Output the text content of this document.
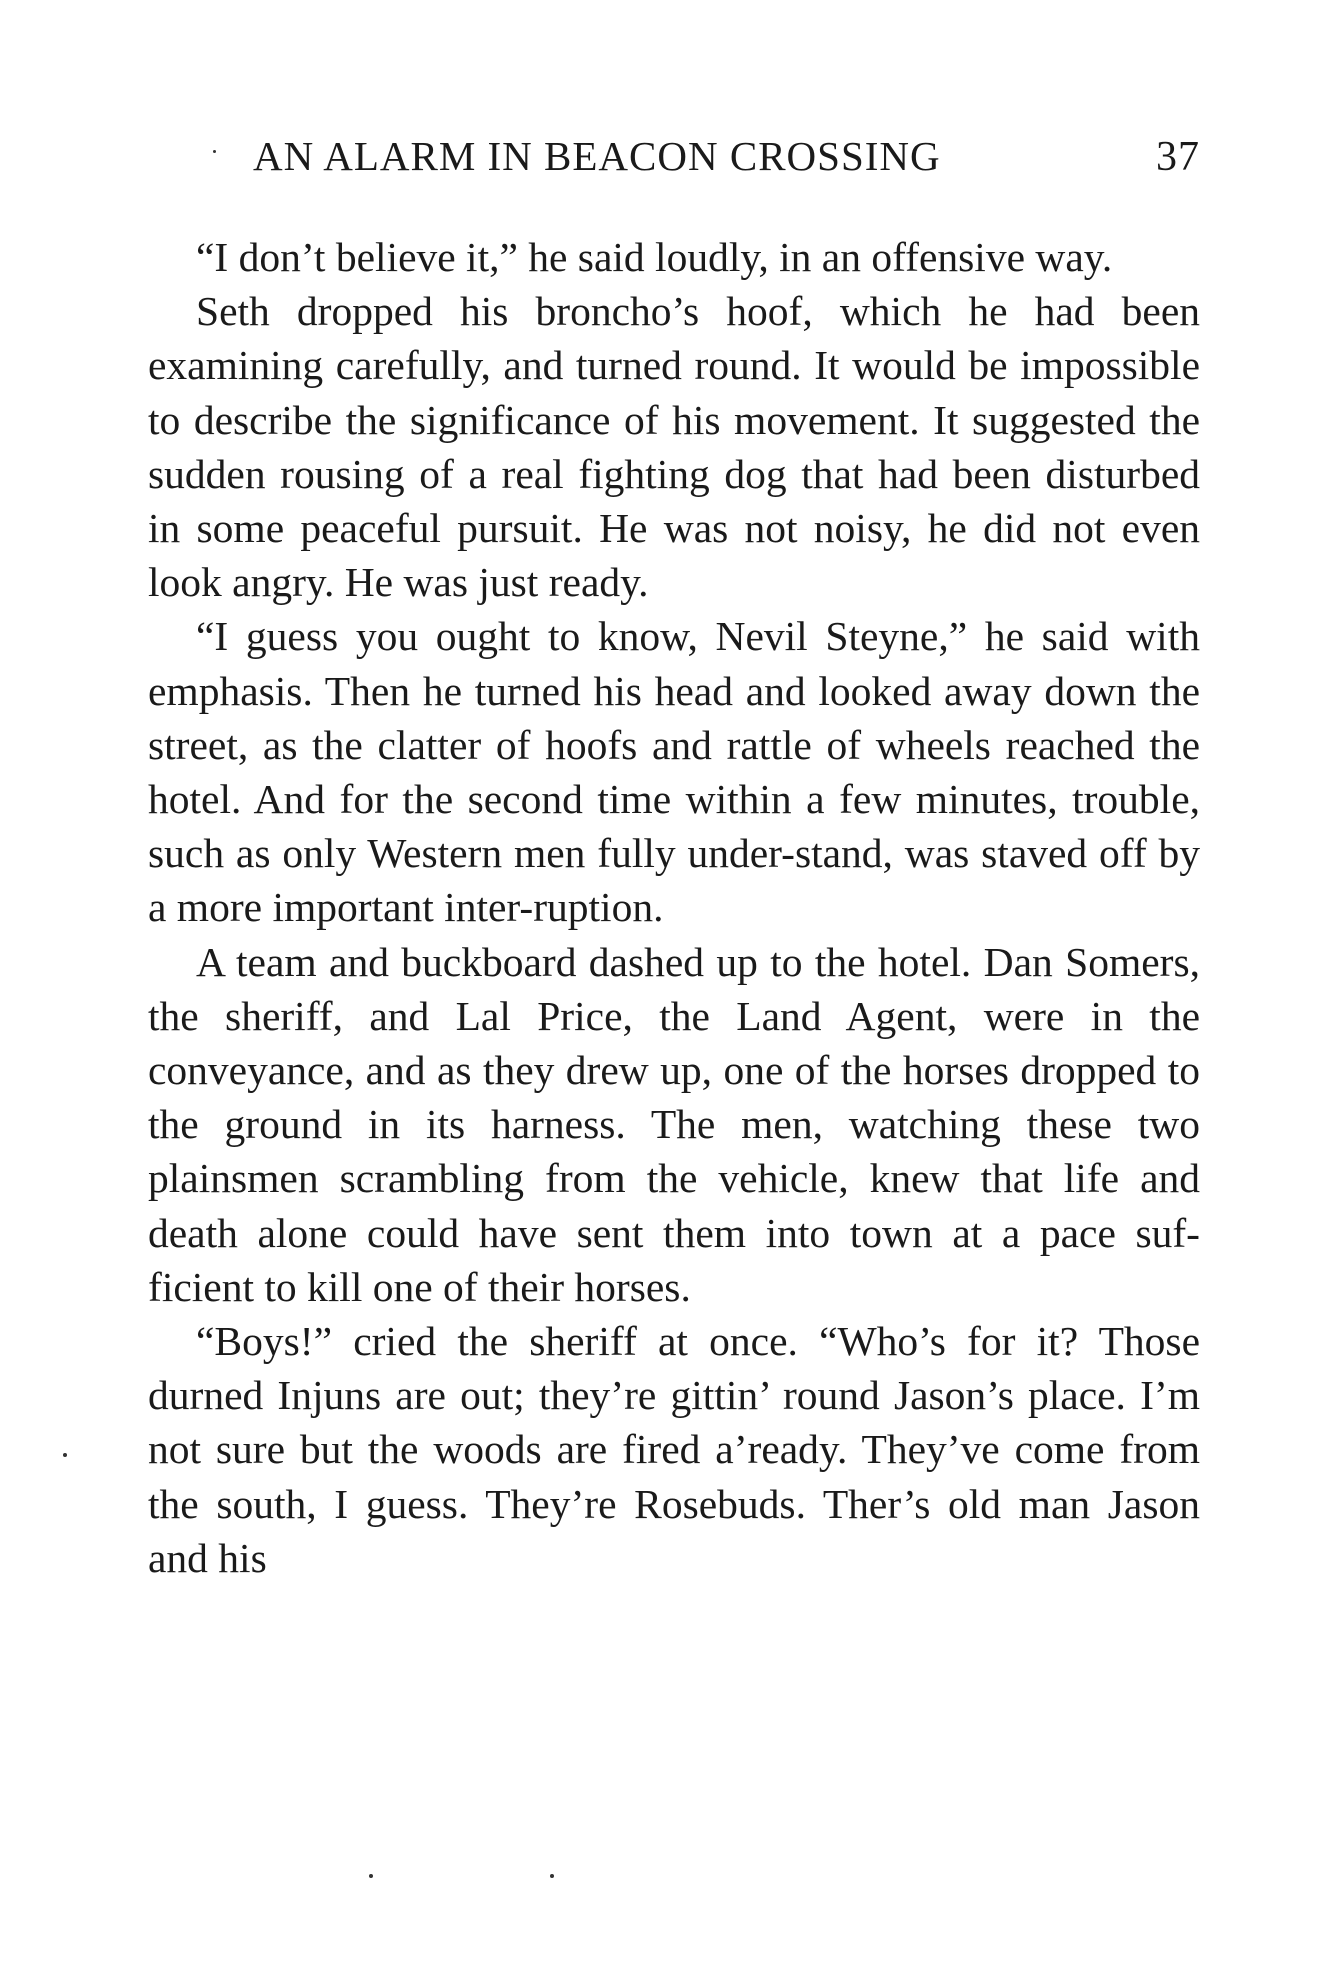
AN ALARM IN BEACON CROSSING	37

“I don’t believe it,” he said loudly, in an offensive way.

Seth dropped his broncho’s hoof, which he had been examining carefully, and turned round. It would be impossible to describe the significance of his movement. It suggested the sudden rousing of a real fighting dog that had been disturbed in some peaceful pursuit. He was not noisy, he did not even look angry. He was just ready.

“I guess you ought to know, Nevil Steyne,” he said with emphasis. Then he turned his head and looked away down the street, as the clatter of hoofs and rattle of wheels reached the hotel. And for the second time within a few minutes, trouble, such as only Western men fully under-stand, was staved off by a more important inter-ruption.

A team and buckboard dashed up to the hotel. Dan Somers, the sheriff, and Lal Price, the Land Agent, were in the conveyance, and as they drew up, one of the horses dropped to the ground in its harness. The men, watching these two plainsmen scrambling from the vehicle, knew that life and death alone could have sent them into town at a pace suf-ficient to kill one of their horses.

“Boys!” cried the sheriff at once. “Who’s for it? Those durned Injuns are out; they’re gittin’ round Jason’s place. I’m not sure but the woods are fired a’ready. They’ve come from the south, I guess. They’re Rosebuds. Ther’s old man Jason and his
